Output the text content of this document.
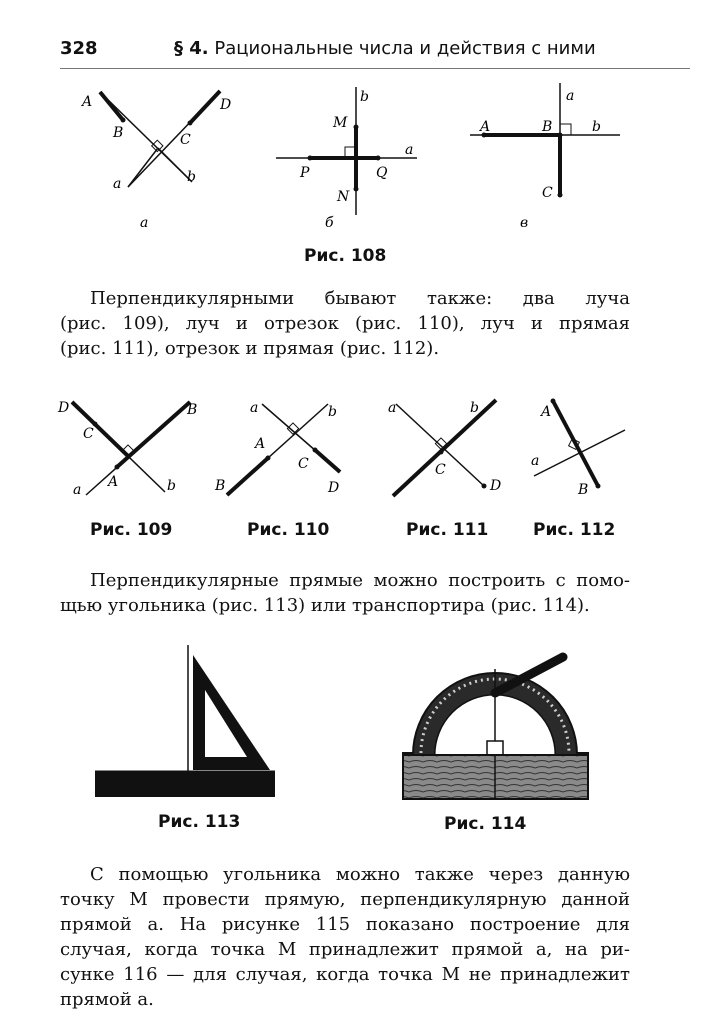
328	§ 4. Рациональные числа и действия с ними
A
B	C
D
a	b
а
b
M
a
P	Q
N
б
a
A	B	b
C
в
Рис. 108
Перпендикулярными бывают также: два луча
(рис. 109), луч и отрезок (рис. 110), луч и прямая
(рис. 111), отрезок и прямая (рис. 112).
D
C
B
A
a	b
a	b
A
C
B	D
a	b
C
D
A
a
B
Рис. 109	Рис. 110	Рис. 111	Рис. 112
Перпендикулярные прямые можно построить с помо-
щью угольника (рис. 113) или транспортира (рис. 114).
Рис. 113	Рис. 114
С помощью угольника можно также через данную
точку M провести прямую, перпендикулярную данной
прямой a. На рисунке 115 показано построение для
случая, когда точка M принадлежит прямой a, на ри-
сунке 116 — для случая, когда точка M не принадлежит
прямой a.
